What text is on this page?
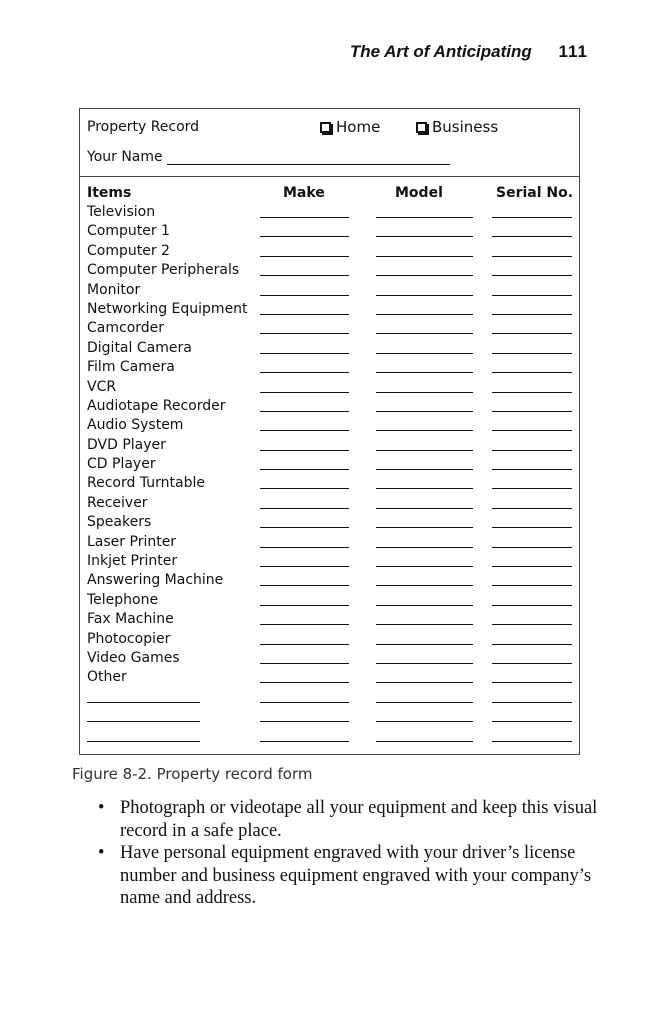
The Art of Anticipating 111
Property Record	Home	Business
Your Name
Items	Make	Model	Serial No.
Television
Computer 1
Computer 2
Computer Peripherals
Monitor
Networking Equipment
Camcorder
Digital Camera
Film Camera
VCR
Audiotape Recorder
Audio System
DVD Player
CD Player
Record Turntable
Receiver
Speakers
Laser Printer
Inkjet Printer
Answering Machine
Telephone
Fax Machine
Photocopier
Video Games
Other
Figure 8-2. Property record form
• Photograph or videotape all your equipment and keep this visual record in a safe place.
• Have personal equipment engraved with your driver’s license number and business equipment engraved with your company’s name and address.
